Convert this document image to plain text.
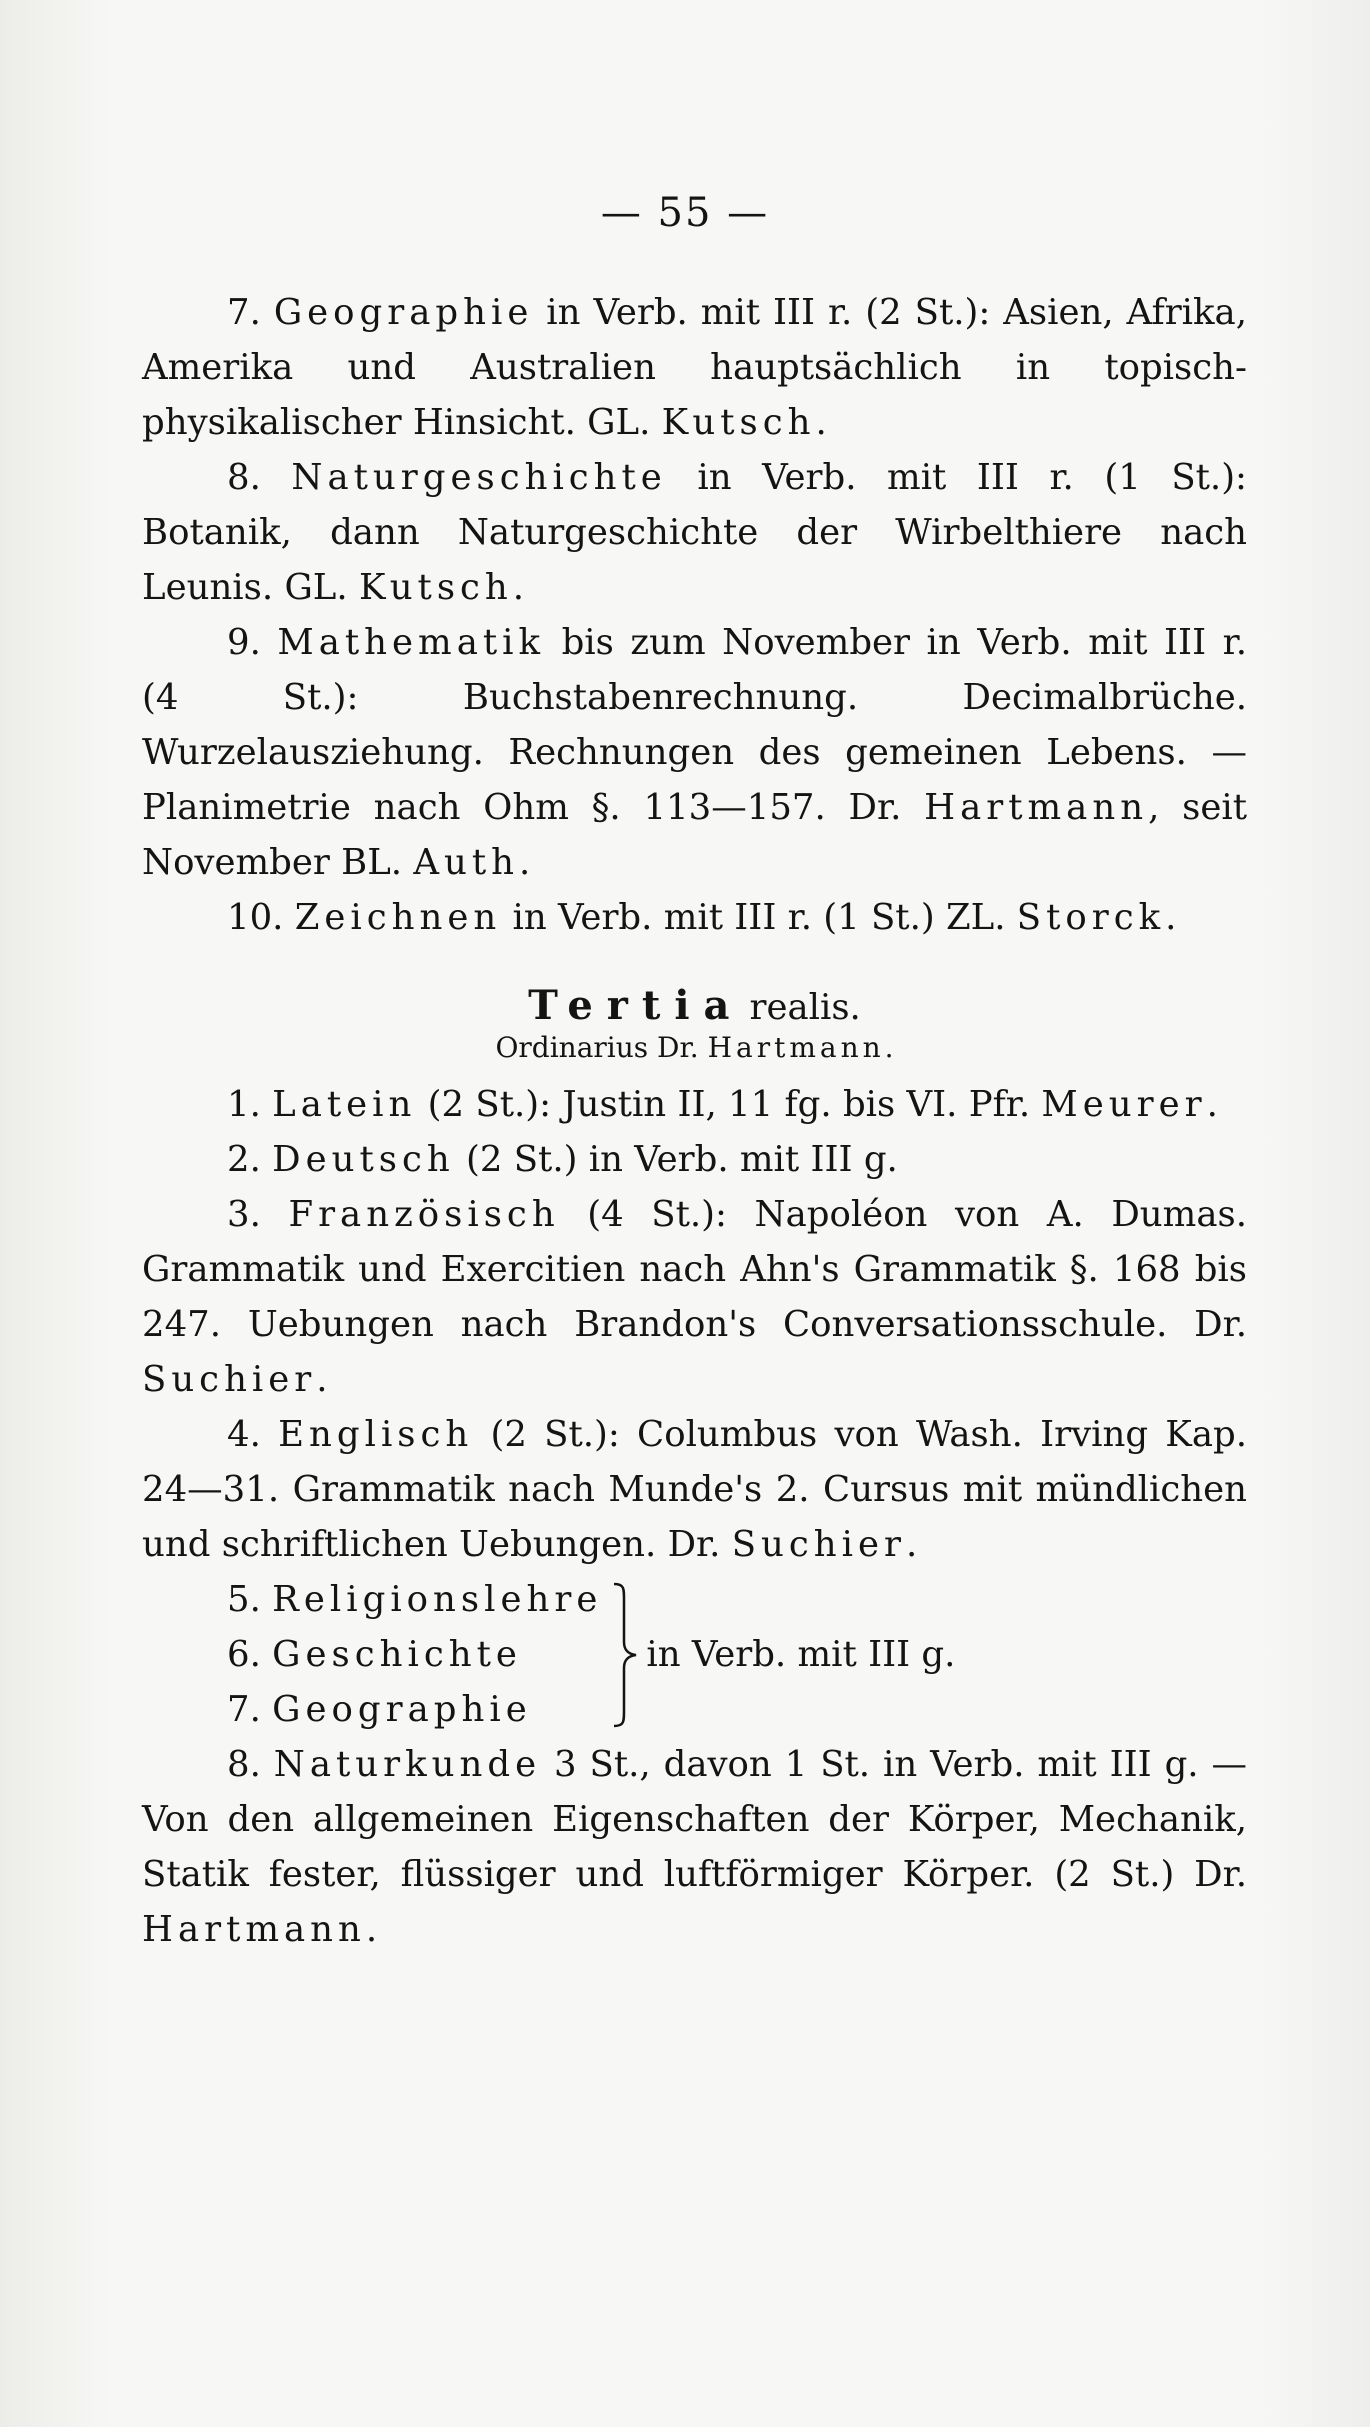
— 55 —

7. Geographie in Verb. mit III r. (2 St.): Asien, Afrika, Amerika und Australien hauptsächlich in topisch-physikalischer Hinsicht. GL. Kutsch.

8. Naturgeschichte in Verb. mit III r. (1 St.): Botanik, dann Naturgeschichte der Wirbelthiere nach Leunis. GL. Kutsch.

9. Mathematik bis zum November in Verb. mit III r. (4 St.): Buchstabenrechnung. Decimalbrüche. Wurzelausziehung. Rechnungen des gemeinen Lebens. — Planimetrie nach Ohm §. 113—157. Dr. Hartmann, seit November BL. Auth.

10. Zeichnen in Verb. mit III r. (1 St.) ZL. Storck.

Tertia realis.
Ordinarius Dr. Hartmann.

1. Latein (2 St.): Justin II, 11 fg. bis VI. Pfr. Meurer.

2. Deutsch (2 St.) in Verb. mit III g.

3. Französisch (4 St.): Napoléon von A. Dumas. Grammatik und Exercitien nach Ahn's Grammatik §. 168 bis 247. Uebungen nach Brandon's Conversationsschule. Dr. Suchier.

4. Englisch (2 St.): Columbus von Wash. Irving Kap. 24—31. Grammatik nach Munde's 2. Cursus mit mündlichen und schriftlichen Uebungen. Dr. Suchier.

5. Religionslehre
6. Geschichte
7. Geographie
in Verb. mit III g.

8. Naturkunde 3 St., davon 1 St. in Verb. mit III g. — Von den allgemeinen Eigenschaften der Körper, Mechanik, Statik fester, flüssiger und luftförmiger Körper. (2 St.) Dr. Hartmann.
